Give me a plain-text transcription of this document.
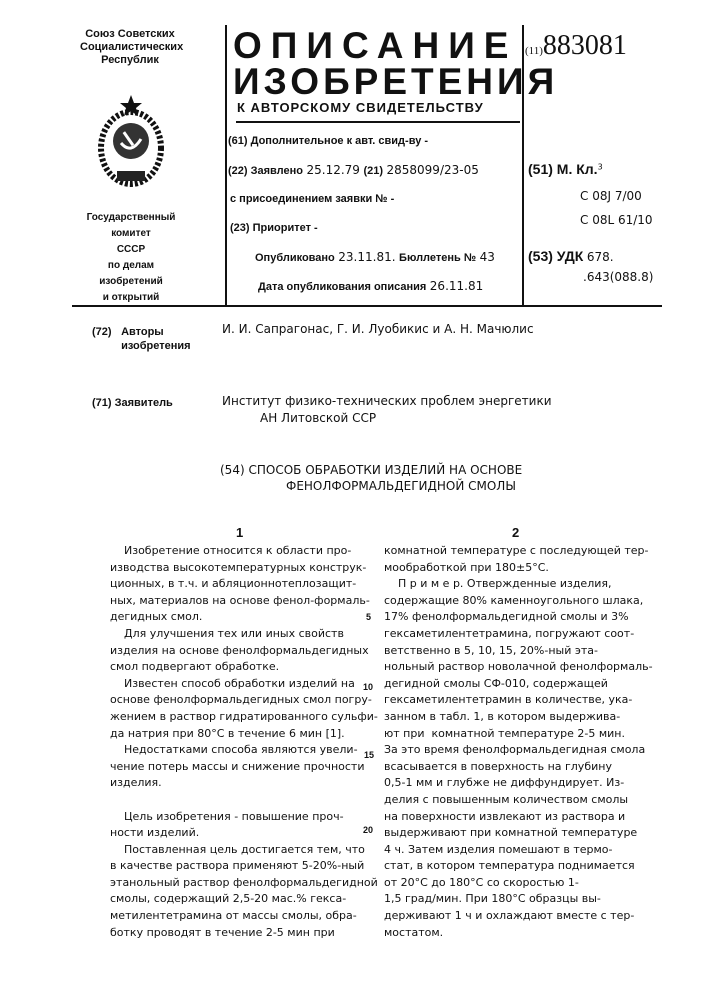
Союз Советских
Социалистических
Республик
Государственный комитет
СССР
по делам изобретений
и открытий
ОПИСАНИЕ
ИЗОБРЕТЕНИЯ
К АВТОРСКОМУ СВИДЕТЕЛЬСТВУ
(61) Дополнительное к авт. свид-ву -
(22) Заявлено 25.12.79 (21) 2858099/23-05
с присоединением заявки № -
(23) Приоритет -
Опубликовано 23.11.81. Бюллетень № 43
Дата опубликования описания 26.11.81
(11)883081
(51) М. Кл.3
С 08J 7/00
С 08L 61/10
(53) УДК 678.
.643(088.8)
(72) Авторы
изобретения
И. И. Сапрагонас, Г. И. Луобикис и А. Н. Мачюлис
(71) Заявитель	Институт физико-технических проблем энергетики
АН Литовской ССР
(54) СПОСОБ ОБРАБОТКИ ИЗДЕЛИЙ НА ОСНОВЕ
ФЕНОЛФОРМАЛЬДЕГИДНОЙ СМОЛЫ
1	2
Изобретение относится к области про-
изводства высокотемпературных конструк-
ционных, в т.ч. и абляционнотеплозащит-
ных, материалов на основе фенол-формаль-
дегидных смол.
Для улучшения тех или иных свойств
изделия на основе фенолформальдегидных
смол подвергают обработке.
Известен способ обработки изделий на
основе фенолформальдегидных смол погру-
жением в раствор гидратированного сульфи-
да натрия при 80°С в течение 6 мин [1].
Недостатками способа являются увели-
чение потерь массы и снижение прочности
изделия.
Цель изобретения - повышение проч-
ности изделий.
Поставленная цель достигается тем, что
в качестве раствора применяют 5-20%-ный
этанольный раствор фенолформальдегидной
смолы, содержащий 2,5-20 мас.% гекса-
метилентетрамина от массы смолы, обра-
ботку проводят в течение 2-5 мин при
комнатной температуре с последующей тер-
мообработкой при 180±5°С.
П р и м е р. Отвержденные изделия,
содержащие 80% каменноугольного шлака,
17% фенолформальдегидной смолы и 3%
гексаметилентетрамина, погружают соот-
ветственно в 5, 10, 15, 20%-ный эта-
нольный раствор новолачной фенолформаль-
дегидной смолы СФ-010, содержащей
гексаметилентетрамин в количестве, ука-
занном в табл. 1, в котором выдержива-
ют при  комнатной температуре 2-5 мин.
За это время фенолформальдегидная смола
всасывается в поверхность на глубину
0,5-1 мм и глубже не диффундирует. Из-
делия с повышенным количеством смолы
на поверхности извлекают из раствора и
выдерживают при комнатной температуре
4 ч. Затем изделия помешают в термо-
стат, в котором температура поднимается
от 20°С до 180°С со скоростью 1-
1,5 град/мин. При 180°С образцы вы-
держивают 1 ч и охлаждают вместе с тер-
мостатом.
5
10
15
20
